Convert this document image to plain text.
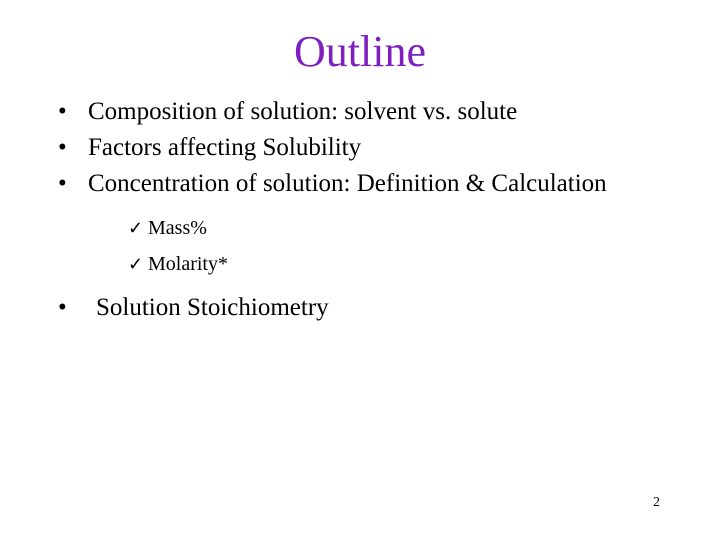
Outline
• Composition of solution: solvent vs. solute
• Factors affecting Solubility
• Concentration of solution: Definition & Calculation
✓ Mass%
✓ Molarity*
•	Solution Stoichiometry
2
